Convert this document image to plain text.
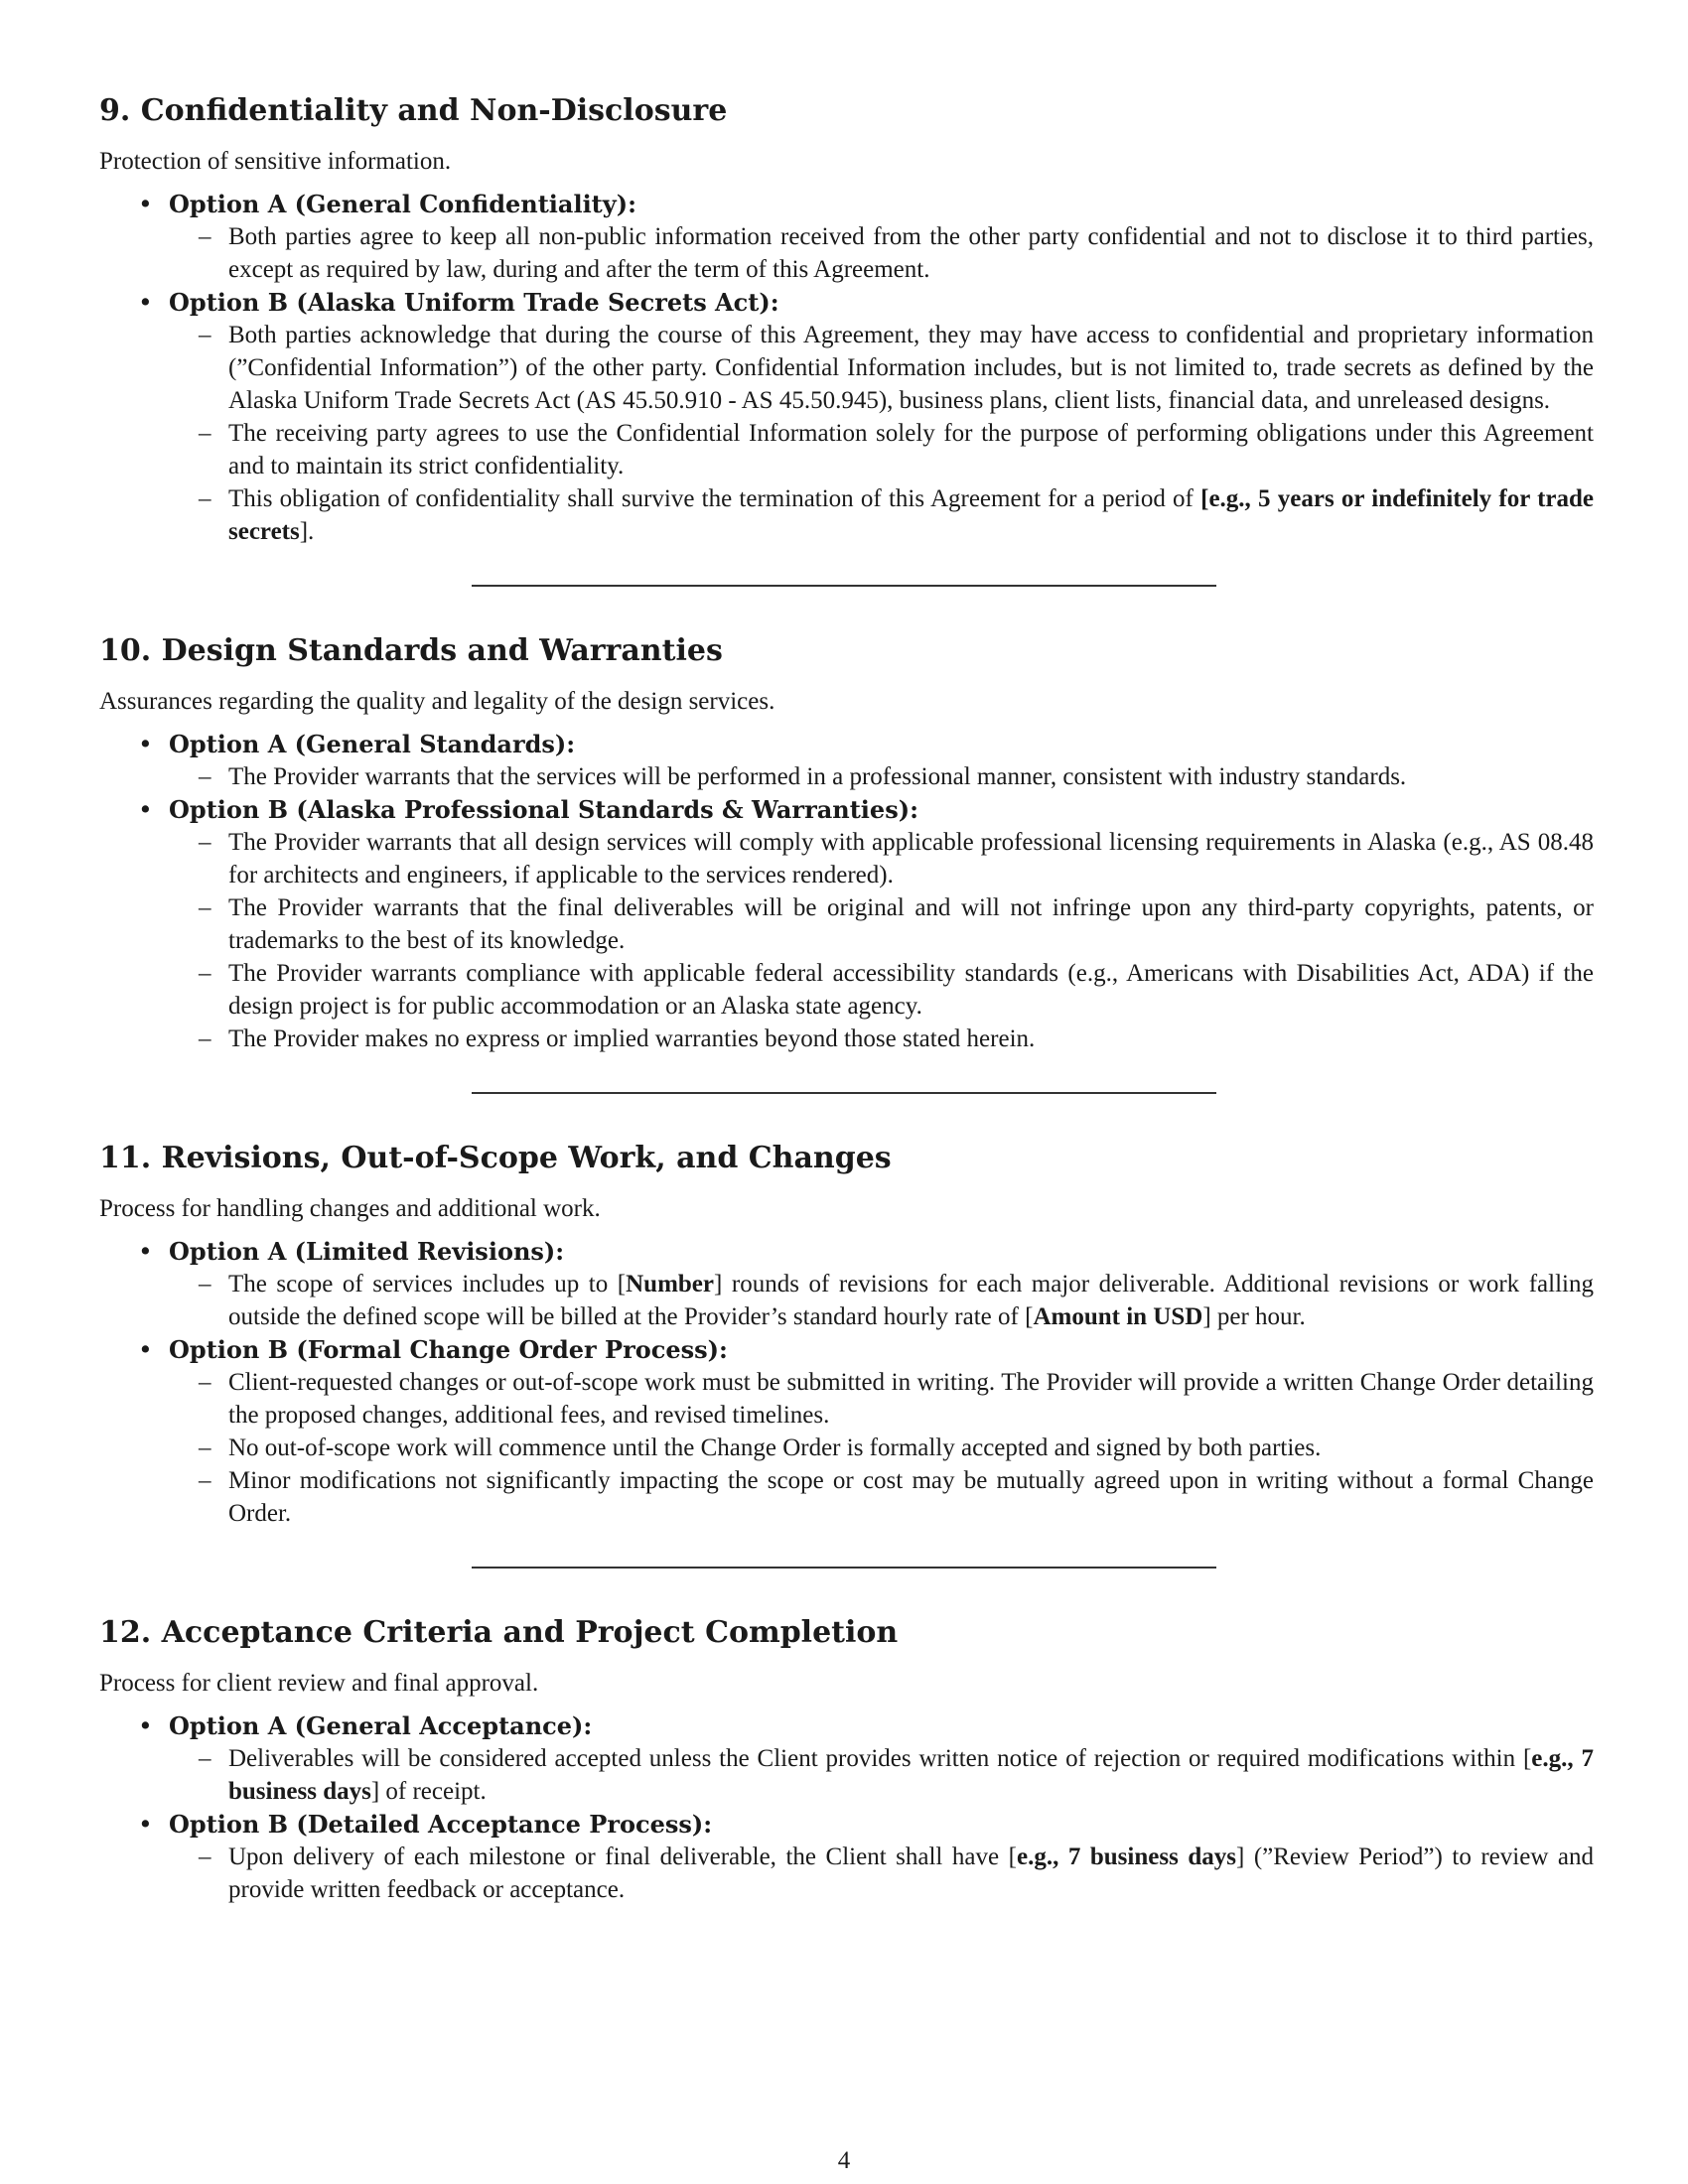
9. Confidentiality and Non-Disclosure

Protection of sensitive information.

• Option A (General Confidentiality):
– Both parties agree to keep all non-public information received from the other party confidential and not to disclose it to third parties, except as required by law, during and after the term of this Agreement.
• Option B (Alaska Uniform Trade Secrets Act):
– Both parties acknowledge that during the course of this Agreement, they may have access to confidential and proprietary information (”Confidential Information”) of the other party. Confidential Information includes, but is not limited to, trade secrets as defined by the Alaska Uniform Trade Secrets Act (AS 45.50.910 - AS 45.50.945), business plans, client lists, financial data, and unreleased designs.
– The receiving party agrees to use the Confidential Information solely for the purpose of performing obligations under this Agreement and to maintain its strict confidentiality.
– This obligation of confidentiality shall survive the termination of this Agreement for a period of [e.g., 5 years or indefinitely for trade secrets].
10. Design Standards and Warranties

Assurances regarding the quality and legality of the design services.

• Option A (General Standards):
– The Provider warrants that the services will be performed in a professional manner, consistent with industry standards.
• Option B (Alaska Professional Standards & Warranties):
– The Provider warrants that all design services will comply with applicable professional licensing requirements in Alaska (e.g., AS 08.48 for architects and engineers, if applicable to the services rendered).
– The Provider warrants that the final deliverables will be original and will not infringe upon any third-party copyrights, patents, or trademarks to the best of its knowledge.
– The Provider warrants compliance with applicable federal accessibility standards (e.g., Americans with Disabilities Act, ADA) if the design project is for public accommodation or an Alaska state agency.
– The Provider makes no express or implied warranties beyond those stated herein.
11. Revisions, Out-of-Scope Work, and Changes

Process for handling changes and additional work.

• Option A (Limited Revisions):
– The scope of services includes up to [Number] rounds of revisions for each major deliverable. Additional revisions or work falling outside the defined scope will be billed at the Provider’s standard hourly rate of [Amount in USD] per hour.
• Option B (Formal Change Order Process):
– Client-requested changes or out-of-scope work must be submitted in writing. The Provider will provide a written Change Order detailing the proposed changes, additional fees, and revised timelines.
– No out-of-scope work will commence until the Change Order is formally accepted and signed by both parties.
– Minor modifications not significantly impacting the scope or cost may be mutually agreed upon in writing without a formal Change Order.
12. Acceptance Criteria and Project Completion

Process for client review and final approval.

• Option A (General Acceptance):
– Deliverables will be considered accepted unless the Client provides written notice of rejection or required modifications within [e.g., 7 business days] of receipt.
• Option B (Detailed Acceptance Process):
– Upon delivery of each milestone or final deliverable, the Client shall have [e.g., 7 business days] (”Review Period”) to review and provide written feedback or acceptance.
4
